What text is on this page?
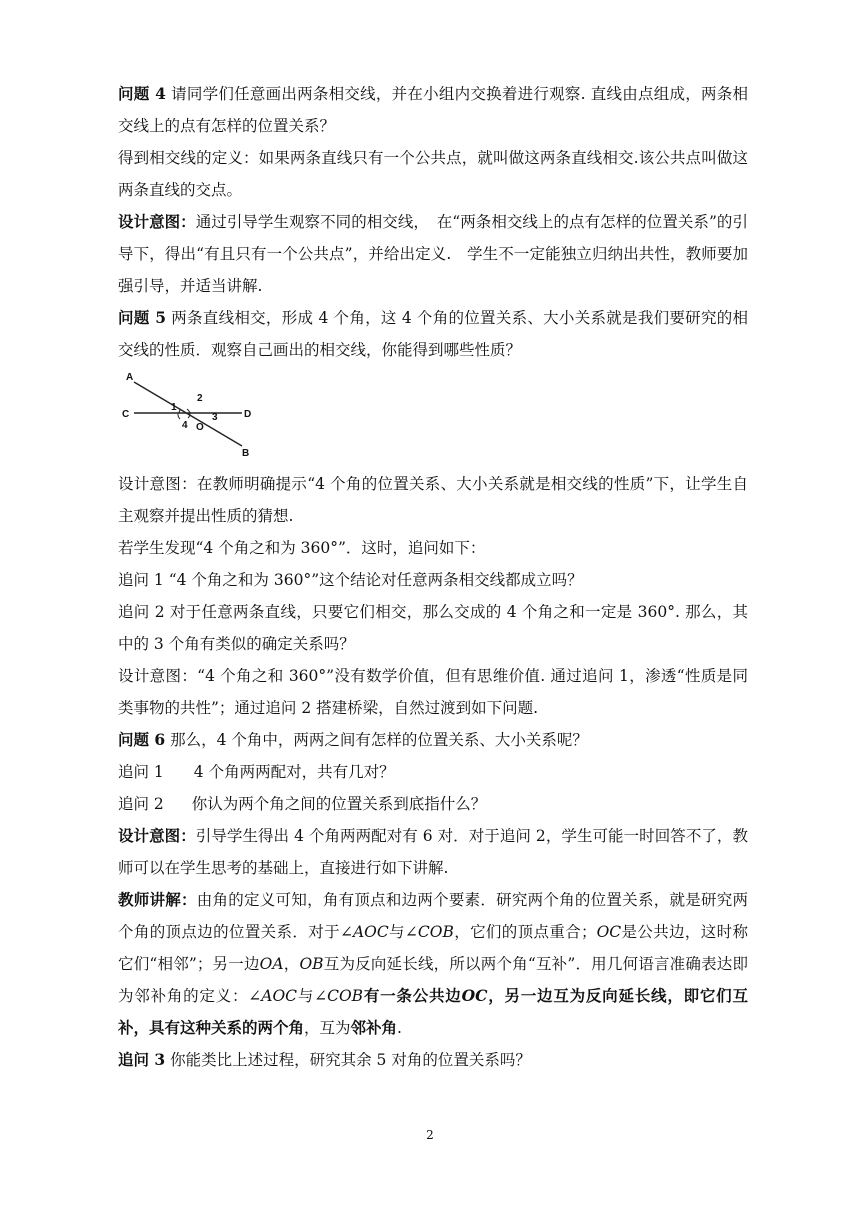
问题 4 请同学们任意画出两条相交线，并在小组内交换着进行观察. 直线由点组成，两条相交线上的点有怎样的位置关系？

得到相交线的定义：如果两条直线只有一个公共点，就叫做这两条直线相交.该公共点叫做这两条直线的交点。

设计意图：通过引导学生观察不同的相交线，　在“两条相交线上的点有怎样的位置关系”的引导下，得出“有且只有一个公共点”，并给出定义.　学生不一定能独立归纳出共性，教师要加强引导，并适当讲解.

问题 5 两条直线相交，形成 4 个角，这 4 个角的位置关系、大小关系就是我们要研究的相交线的性质．观察自己画出的相交线，你能得到哪些性质？

A
B
C	D
O
1
2
3
4

设计意图：在教师明确提示“4 个角的位置关系、大小关系就是相交线的性质”下，让学生自主观察并提出性质的猜想.

若学生发现“4 个角之和为 360°”．这时，追问如下：

追问 1 “4 个角之和为 360°”这个结论对任意两条相交线都成立吗？

追问 2 对于任意两条直线，只要它们相交，那么交成的 4 个角之和一定是 360°. 那么，其中的 3 个角有类似的确定关系吗？

设计意图：“4 个角之和 360°”没有数学价值，但有思维价值. 通过追问 1，渗透“性质是同类事物的共性”；通过追问 2 搭建桥梁，自然过渡到如下问题.

问题 6 那么，4 个角中，两两之间有怎样的位置关系、大小关系呢？

追问 1 4 个角两两配对，共有几对？

追问 2 你认为两个角之间的位置关系到底指什么？

设计意图：引导学生得出 4 个角两两配对有 6 对．对于追问 2，学生可能一时回答不了，教师可以在学生思考的基础上，直接进行如下讲解.

教师讲解：由角的定义可知，角有顶点和边两个要素．研究两个角的位置关系，就是研究两个角的顶点边的位置关系．对于∠AOC与∠COB，它们的顶点重合；OC是公共边，这时称它们“相邻”；另一边OA，OB互为反向延长线，所以两个角“互补”．用几何语言准确表达即为邻补角的定义：∠AOC与∠COB有一条公共边OC，另一边互为反向延长线，即它们互补，具有这种关系的两个角，互为邻补角.

追问 3 你能类比上述过程，研究其余 5 对角的位置关系吗？

2
